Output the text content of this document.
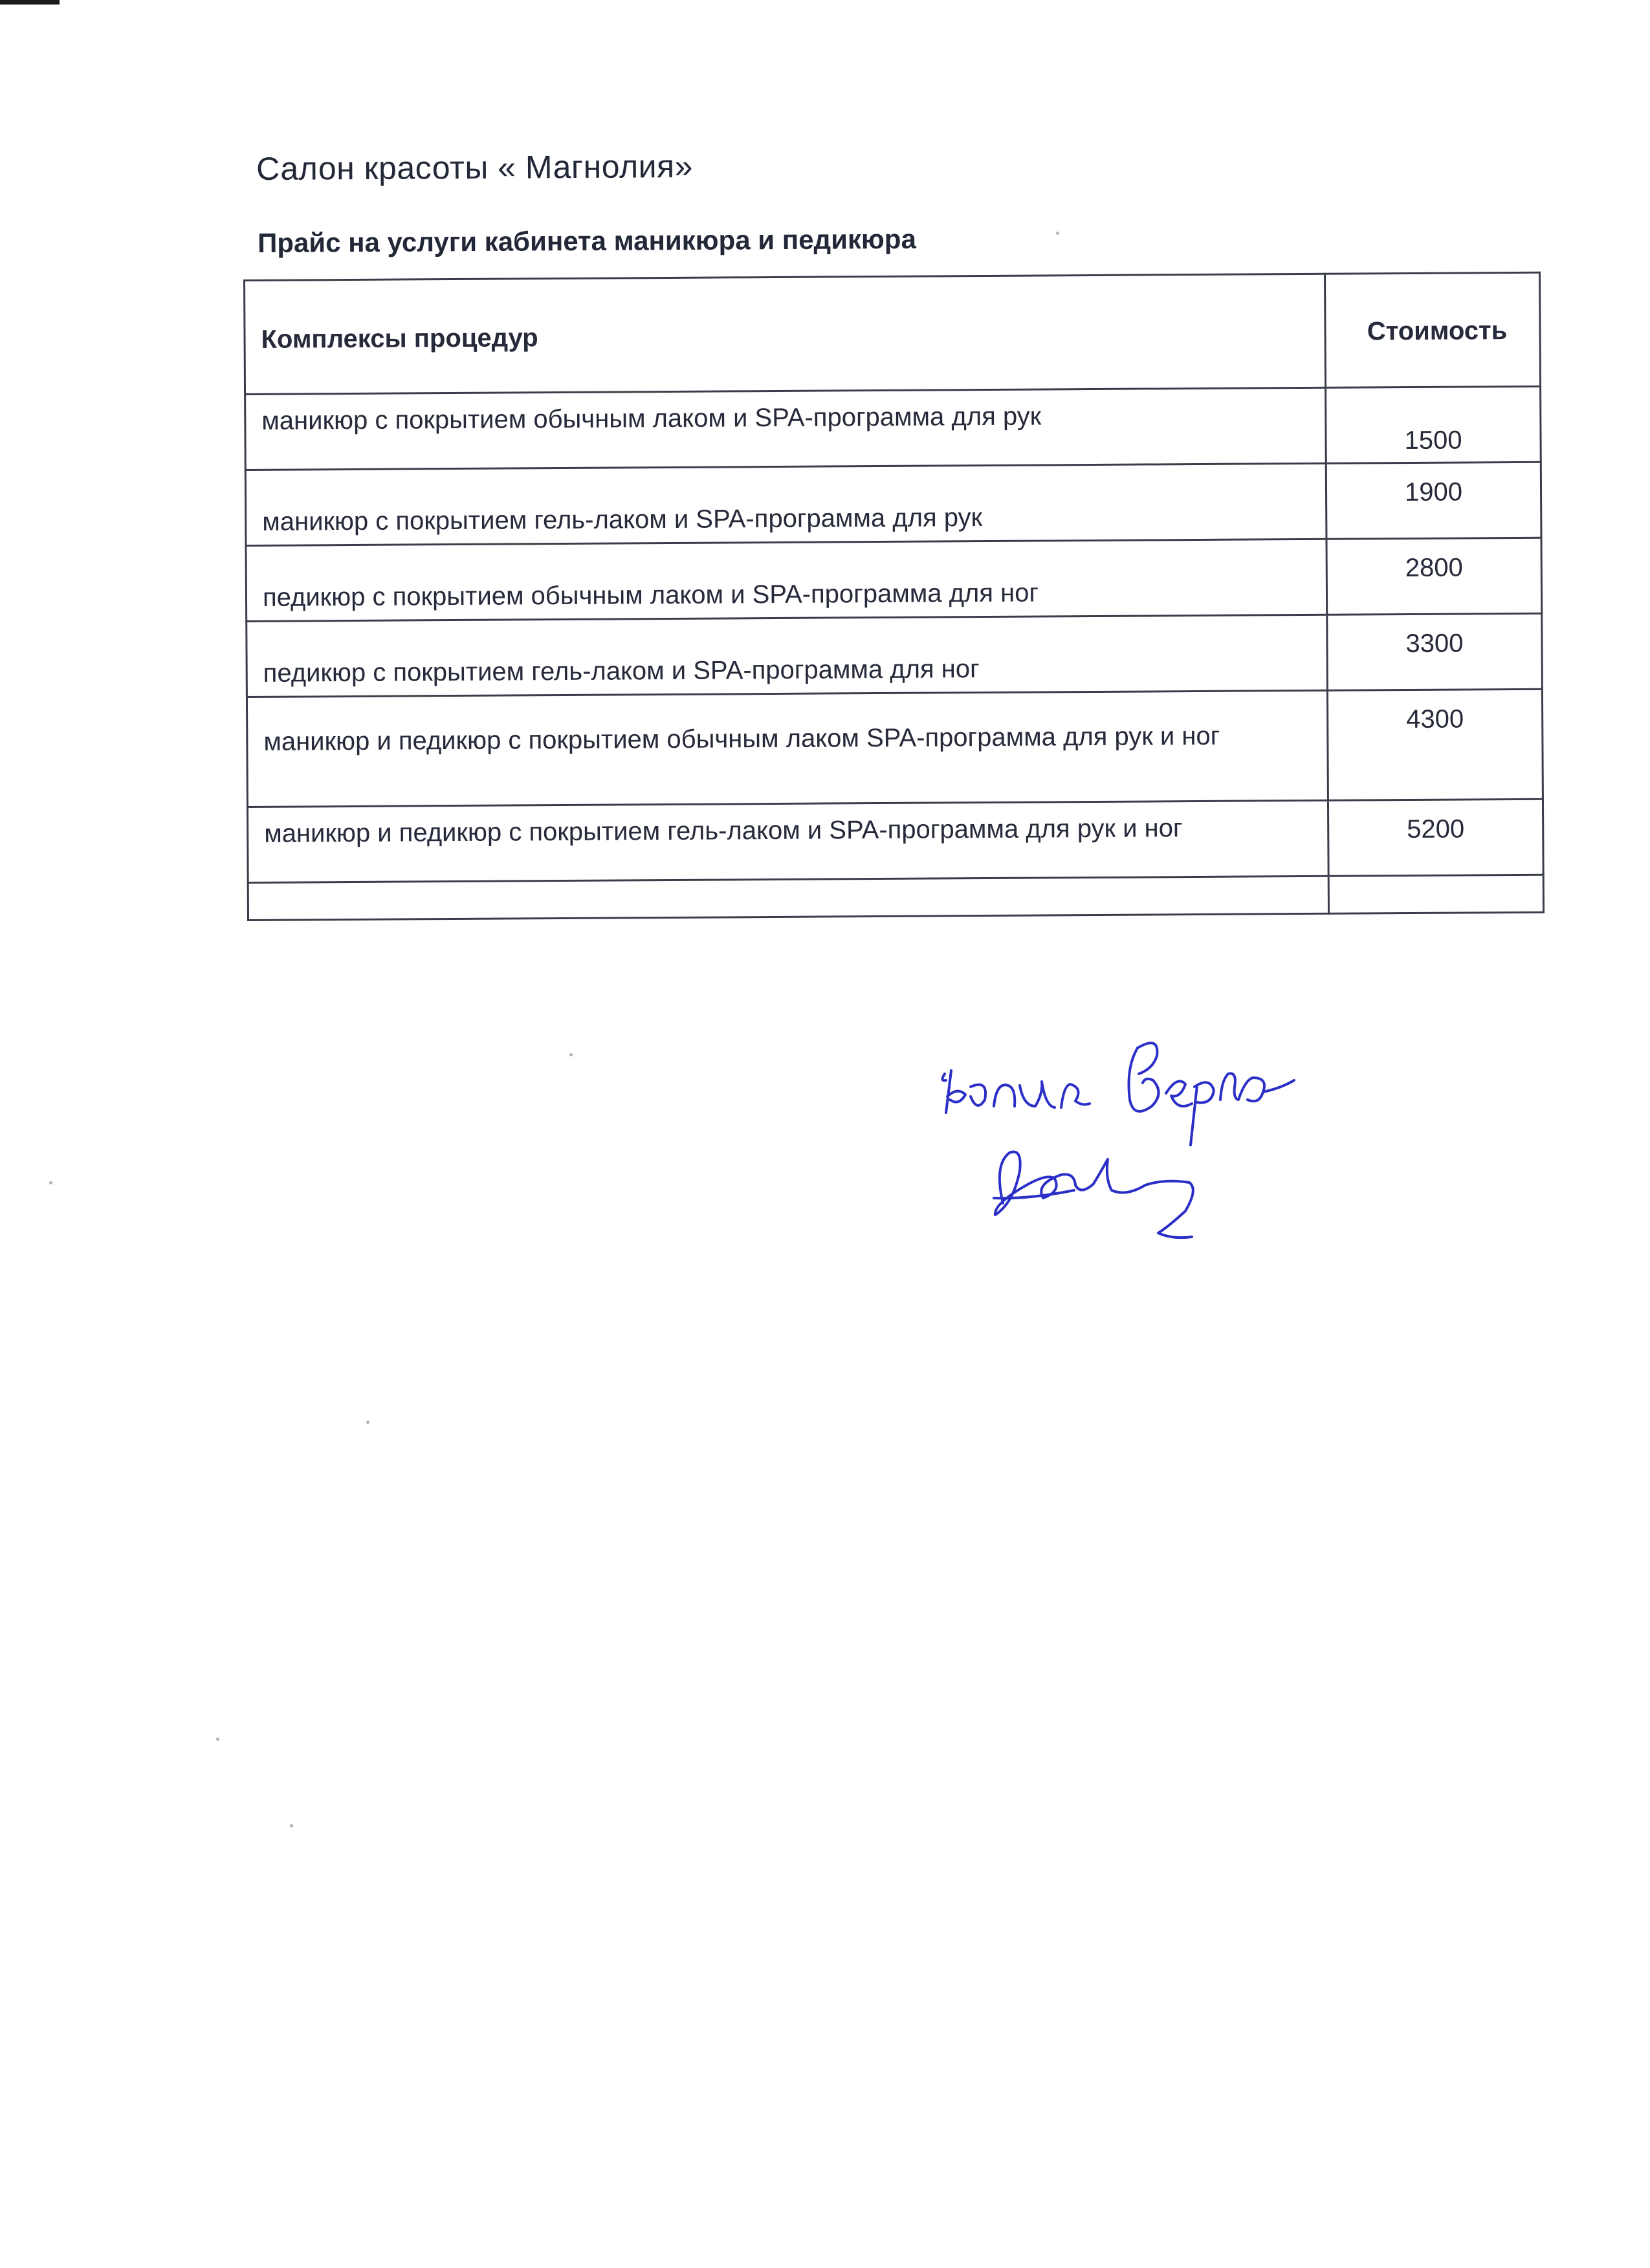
Салон красоты « Магнолия»
Прайс на услуги кабинета маникюра и педикюра
Комплексы процедур	Стоимость
маникюр с покрытием обычным лаком и SPA-программа для рук	1500
маникюр с покрытием гель-лаком и SPA-программа для рук	1900
педикюр с покрытием обычным лаком и SPA-программа для ног	2800
педикюр с покрытием гель-лаком и SPA-программа для ног	3300
маникюр и педикюр с покрытием обычным лаком SPA-программа для рук и ног	4300
маникюр и педикюр с покрытием гель-лаком и SPA-программа для рук и ног	5200
